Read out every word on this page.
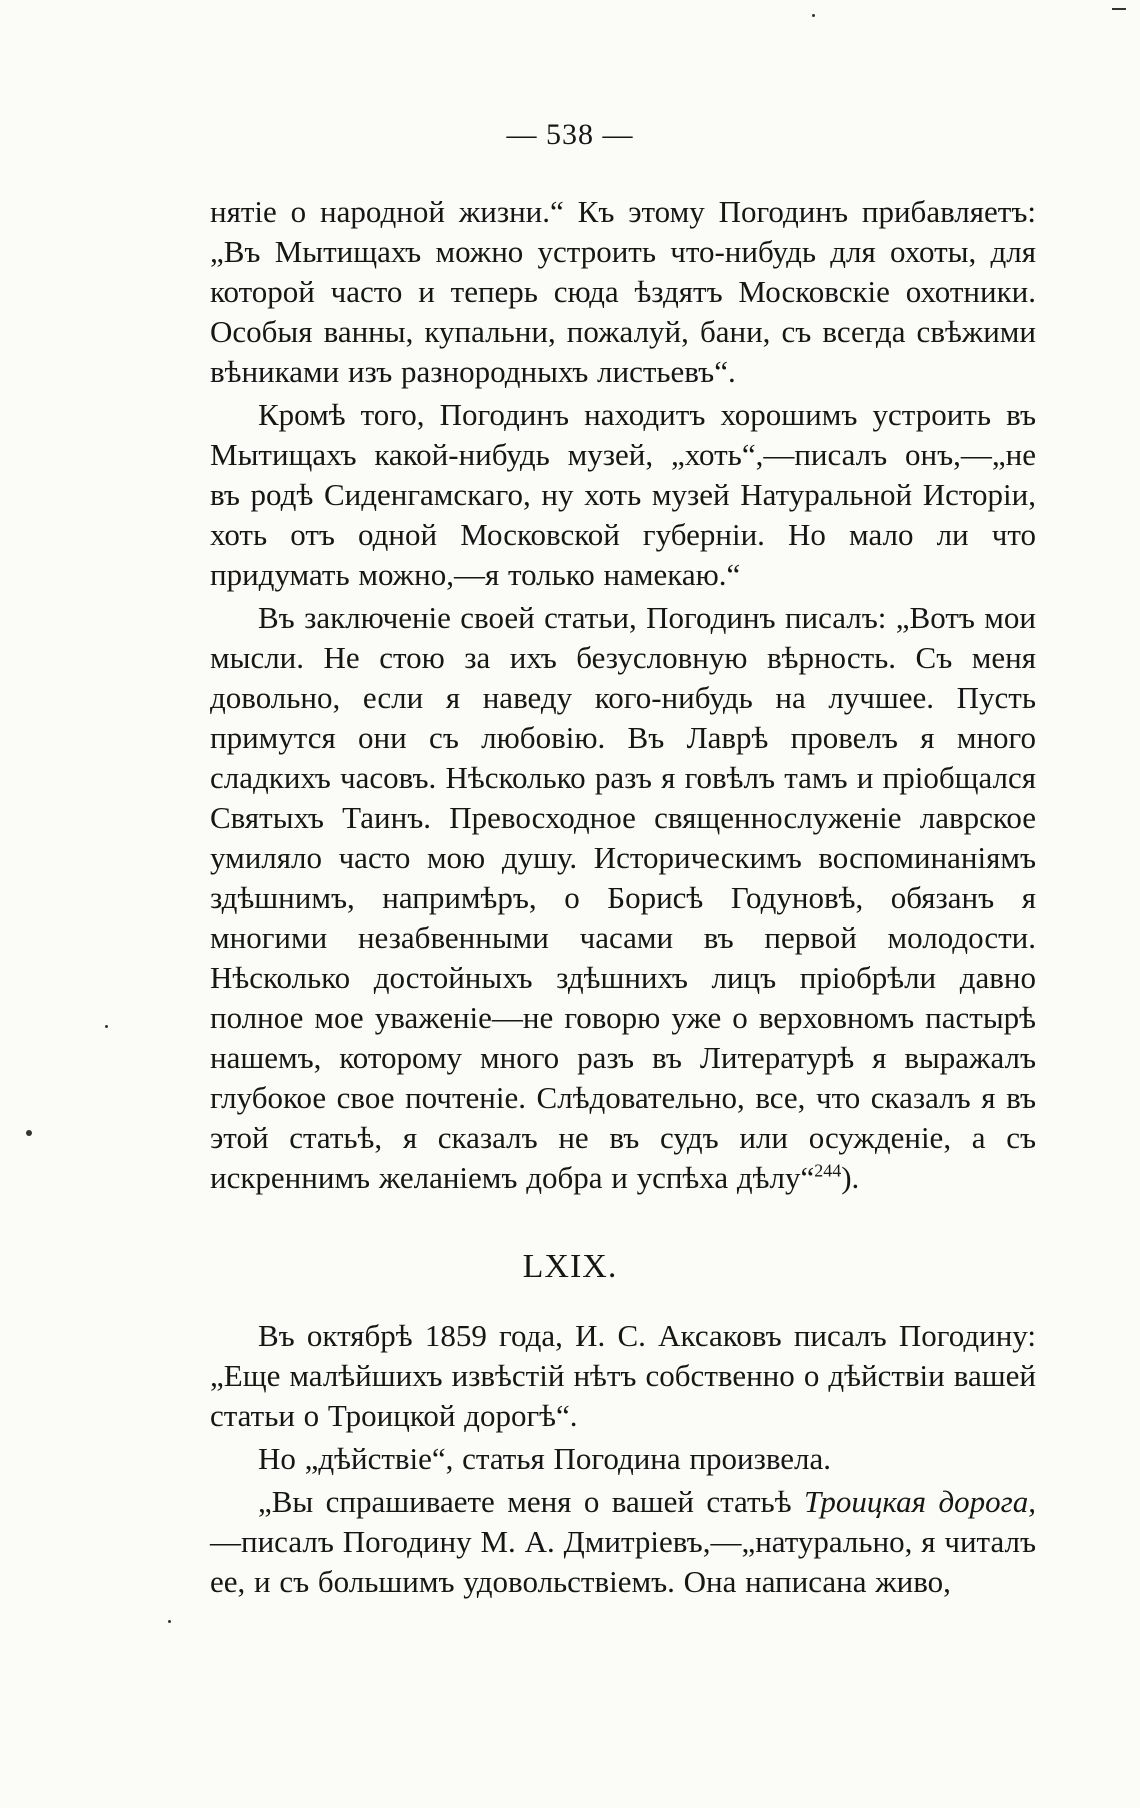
— 538 —

нятіе о народной жизни.“ Къ этому Погодинъ прибавляетъ: „Въ Мытищахъ можно устроить что-нибудь для охоты, для которой часто и теперь сюда ѣздятъ Московскіе охотники. Особыя ванны, купальни, пожалуй, бани, съ всегда свѣжими вѣниками изъ разнородныхъ листьевъ“.

Кромѣ того, Погодинъ находитъ хорошимъ устроить въ Мытищахъ какой-нибудь музей, „хоть“,—писалъ онъ,—„не въ родѣ Сиденгамскаго, ну хоть музей Натуральной Исторіи, хоть отъ одной Московской губерніи. Но мало ли что придумать можно,—я только намекаю.“

Въ заключеніе своей статьи, Погодинъ писалъ: „Вотъ мои мысли. Не стою за ихъ безусловную вѣрность. Съ меня довольно, если я наведу кого-нибудь на лучшее. Пусть примутся они съ любовію. Въ Лаврѣ провелъ я много сладкихъ часовъ. Нѣсколько разъ я говѣлъ тамъ и пріобщался Святыхъ Таинъ. Превосходное священнослуженіе лаврское умиляло часто мою душу. Историческимъ воспоминаніямъ здѣшнимъ, напримѣръ, о Борисѣ Годуновѣ, обязанъ я многими незабвенными часами въ первой молодости. Нѣсколько достойныхъ здѣшнихъ лицъ пріобрѣли давно полное мое уваженіе—не говорю уже о верховномъ пастырѣ нашемъ, которому много разъ въ Литературѣ я выражалъ глубокое свое почтеніе. Слѣдовательно, все, что сказалъ я въ этой статьѣ, я сказалъ не въ судъ или осужденіе, а съ искреннимъ желаніемъ добра и успѣха дѣлу“$^{244}$).

LXIX.

Въ октябрѣ 1859 года, И. С. Аксаковъ писалъ Погодину: „Еще малѣйшихъ извѣстій нѣтъ собственно о дѣйствіи вашей статьи о Троицкой дорогѣ“.

Но „дѣйствіе“, статья Погодина произвела.

„Вы спрашиваете меня о вашей статьѣ Троицкая дорога,—писалъ Погодину М. А. Дмитріевъ,—„натурально, я читалъ ее, и съ большимъ удовольствіемъ. Она написана живо,
